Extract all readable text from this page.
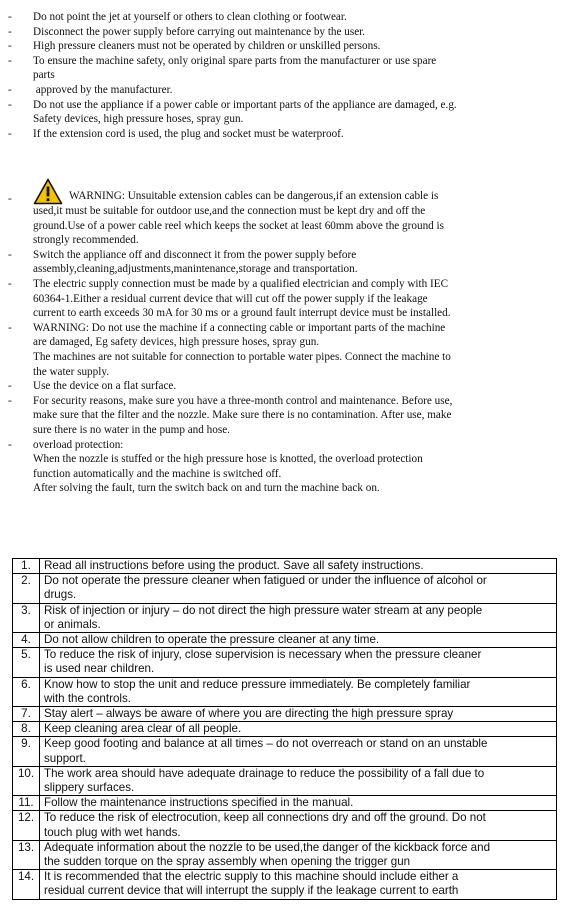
-	Do not point the jet at yourself or others to clean clothing or footwear.
-	Disconnect the power supply before carrying out maintenance by the user.
-	High pressure cleaners must not be operated by children or unskilled persons.
-	To ensure the machine safety, only original spare parts from the manufacturer or use spare
parts
-	approved by the manufacturer.
-	Do not use the appliance if a power cable or important parts of the appliance are damaged, e.g.
Safety devices, high pressure hoses, spray gun.
-	If the extension cord is used, the plug and socket must be waterproof.
-	WARNING: Unsuitable extension cables can be dangerous,if an extension cable is
used,it must be suitable for outdoor use,and the connection must be kept dry and off the
ground.Use of a power cable reel which keeps the socket at least 60mm above the ground is
strongly recommended.
-	Switch the appliance off and disconnect it from the power supply before
assembly,cleaning,adjustments,manintenance,storage and transportation.
-	The electric supply connection must be made by a qualified electrician and comply with IEC
60364-1.Either a residual current device that will cut off the power supply if the leakage
current to earth exceeds 30 mA for 30 ms or a ground fault interrupt device must be installed.
-	WARNING: Do not use the machine if a connecting cable or important parts of the machine
are damaged, Eg safety devices, high pressure hoses, spray gun.
The machines are not suitable for connection to portable water pipes. Connect the machine to
the water supply.
-	Use the device on a flat surface.
-	For security reasons, make sure you have a three-month control and maintenance. Before use,
make sure that the filter and the nozzle. Make sure there is no contamination. After use, make
sure there is no water in the pump and hose.
-	overload protection:
When the nozzle is stuffed or the high pressure hose is knotted, the overload protection
function automatically and the machine is switched off.
After solving the fault, turn the switch back on and turn the machine back on.
1.	Read all instructions before using the product. Save all safety instructions.

2.	Do not operate the pressure cleaner when fatigued or under the influence of alcohol or
drugs.

3.	Risk of injection or injury – do not direct the high pressure water stream at any people
or animals.

4.	Do not allow children to operate the pressure cleaner at any time.

5.	To reduce the risk of injury, close supervision is necessary when the pressure cleaner
is used near children.

6.	Know how to stop the unit and reduce pressure immediately. Be completely familiar
with the controls.

7.	Stay alert – always be aware of where you are directing the high pressure spray

8.	Keep cleaning area clear of all people.

9.	Keep good footing and balance at all times – do not overreach or stand on an unstable
support.

10.	The work area should have adequate drainage to reduce the possibility of a fall due to
slippery surfaces.

11.	Follow the maintenance instructions specified in the manual.

12.	To reduce the risk of electrocution, keep all connections dry and off the ground. Do not
touch plug with wet hands.

13.	Adequate information about the nozzle to be used,the danger of the kickback force and
the sudden torque on the spray assembly when opening the trigger gun

14.	It is recommended that the electric supply to this machine should include either a
residual current device that will interrupt the supply if the leakage current to earth
